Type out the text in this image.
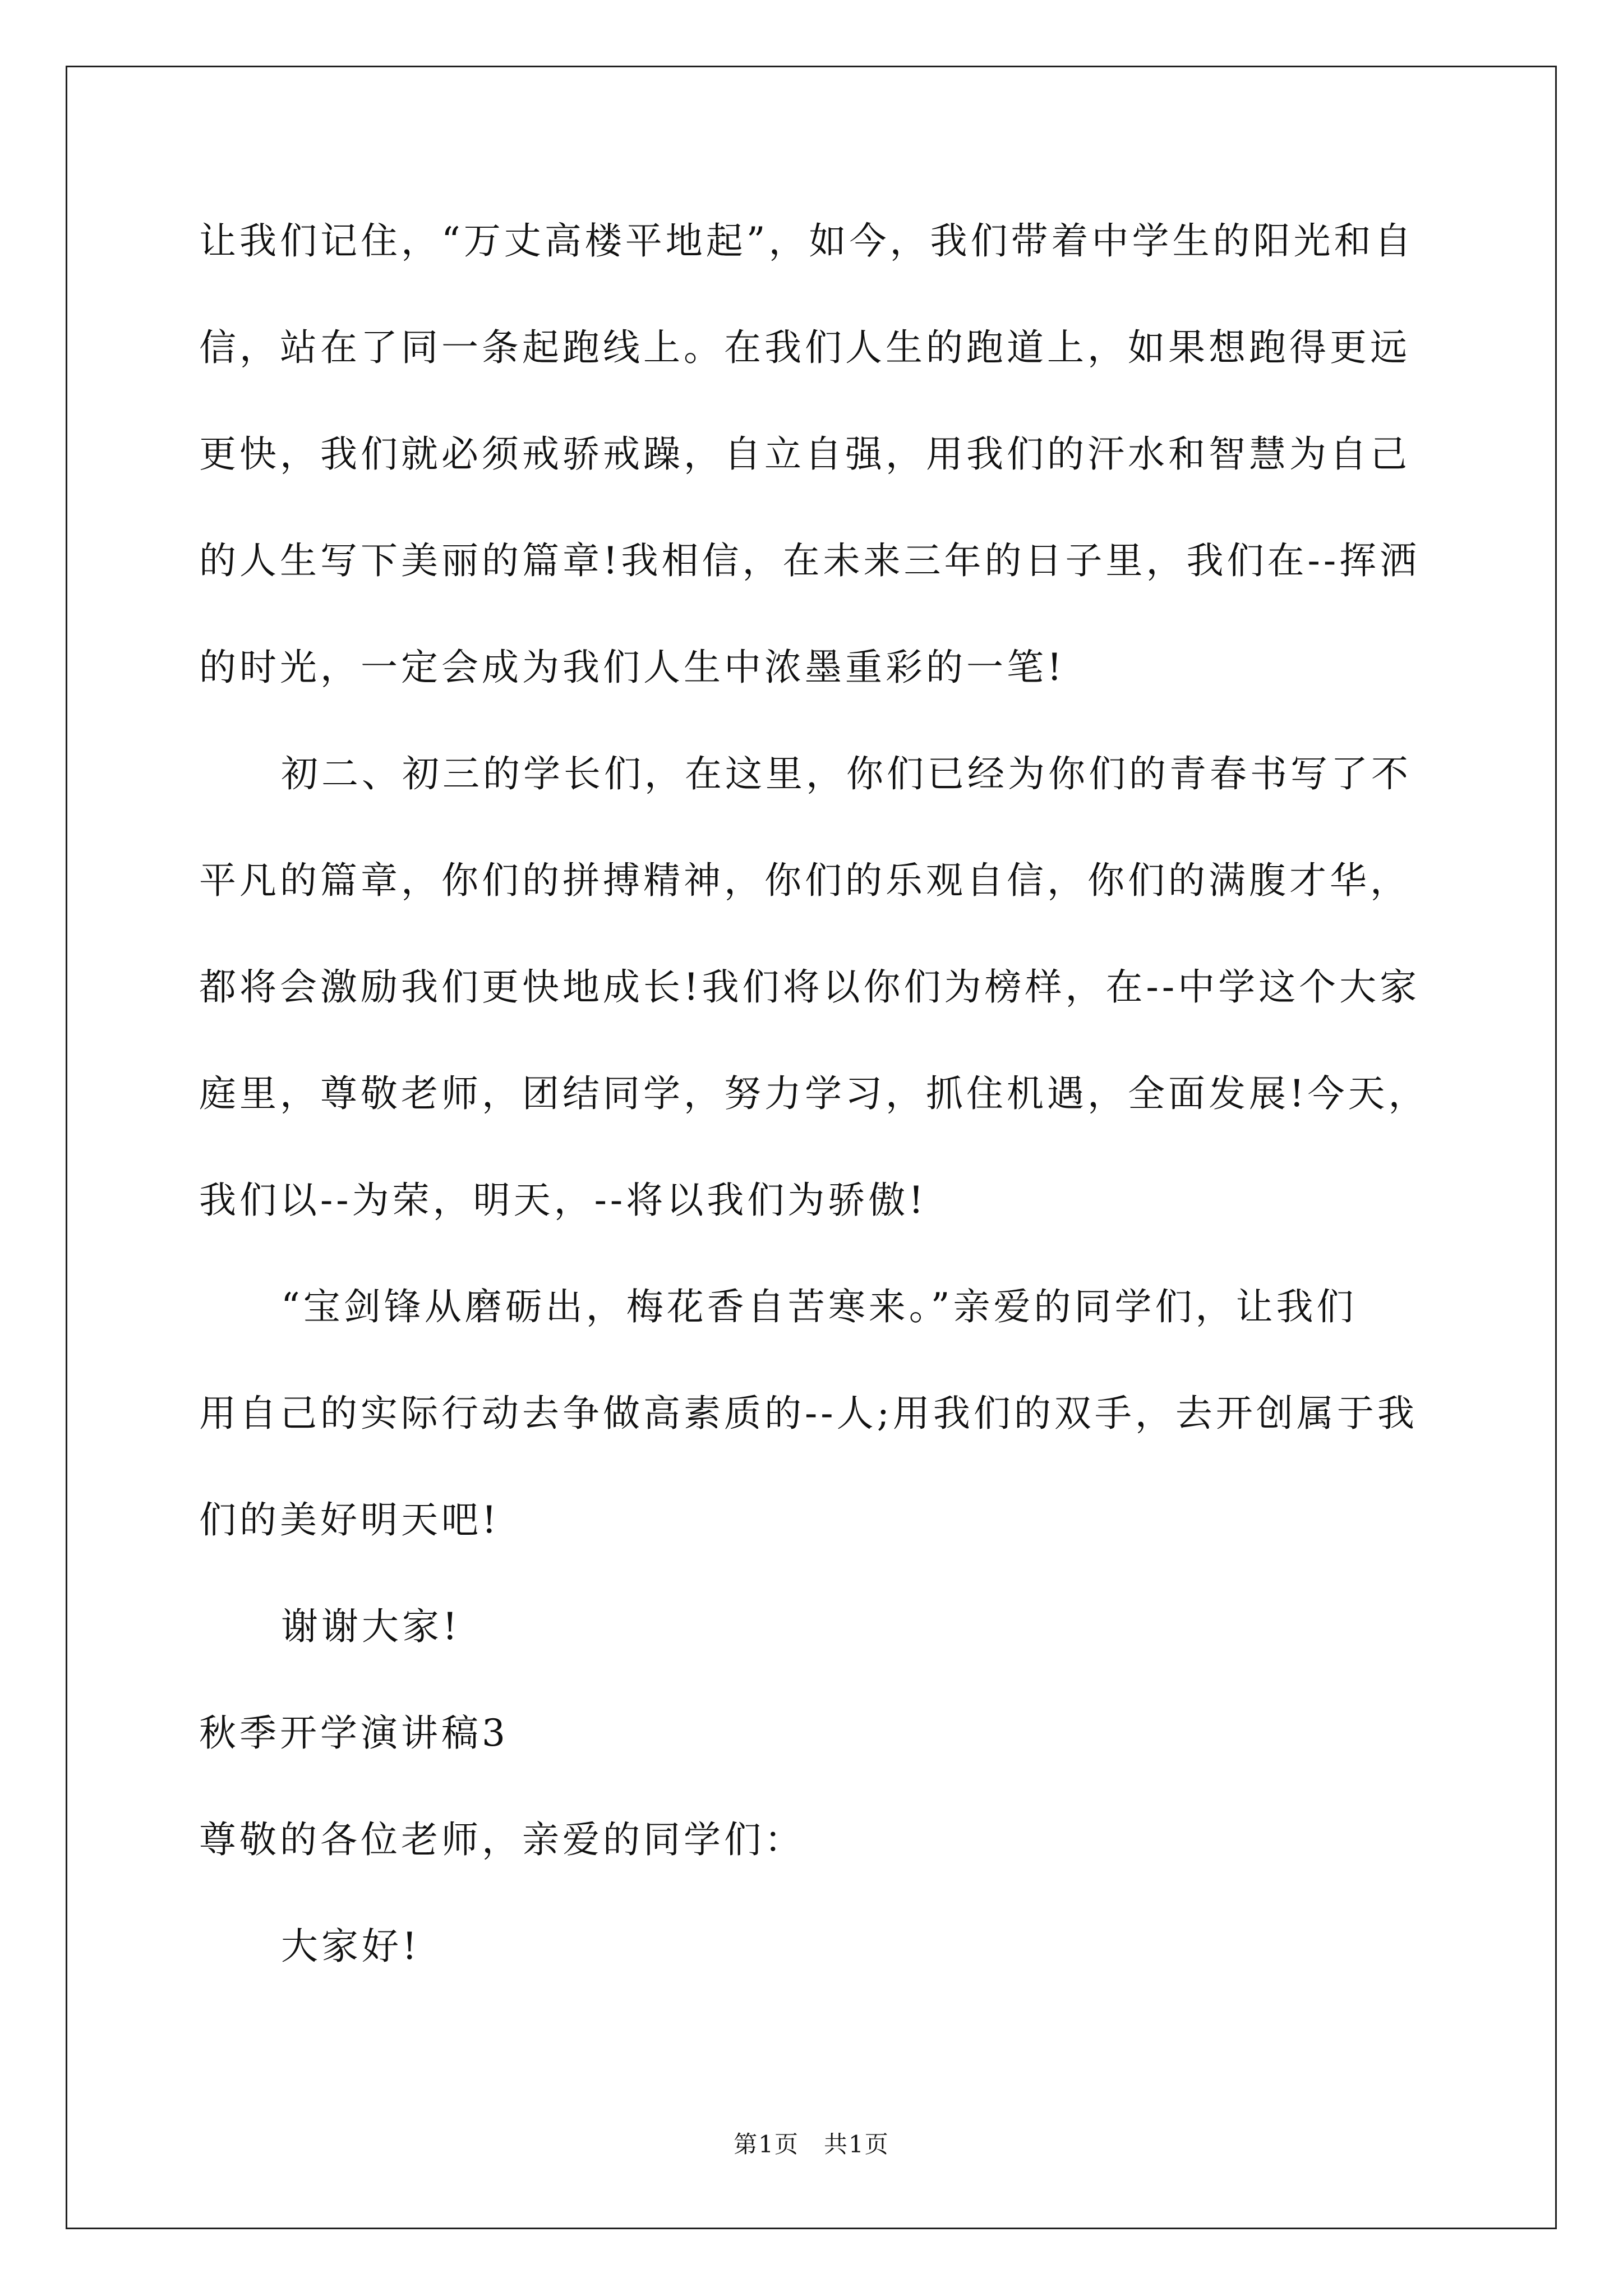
让我们记住，“万丈高楼平地起”，如今，我们带着中学生的阳光和自
信，站在了同一条起跑线上。在我们人生的跑道上，如果想跑得更远
更快，我们就必须戒骄戒躁，自立自强，用我们的汗水和智慧为自己
的人生写下美丽的篇章!我相信，在未来三年的日子里，我们在--挥洒
的时光，一定会成为我们人生中浓墨重彩的一笔!
初二、初三的学长们，在这里，你们已经为你们的青春书写了不
平凡的篇章，你们的拼搏精神，你们的乐观自信，你们的满腹才华，
都将会激励我们更快地成长!我们将以你们为榜样，在--中学这个大家
庭里，尊敬老师，团结同学，努力学习，抓住机遇，全面发展!今天，
我们以--为荣，明天，--将以我们为骄傲!
“宝剑锋从磨砺出，梅花香自苦寒来。”亲爱的同学们，让我们
用自己的实际行动去争做高素质的--人;用我们的双手，去开创属于我
们的美好明天吧!
谢谢大家!
秋季开学演讲稿3
尊敬的各位老师，亲爱的同学们：
大家好!
第1页　共1页
